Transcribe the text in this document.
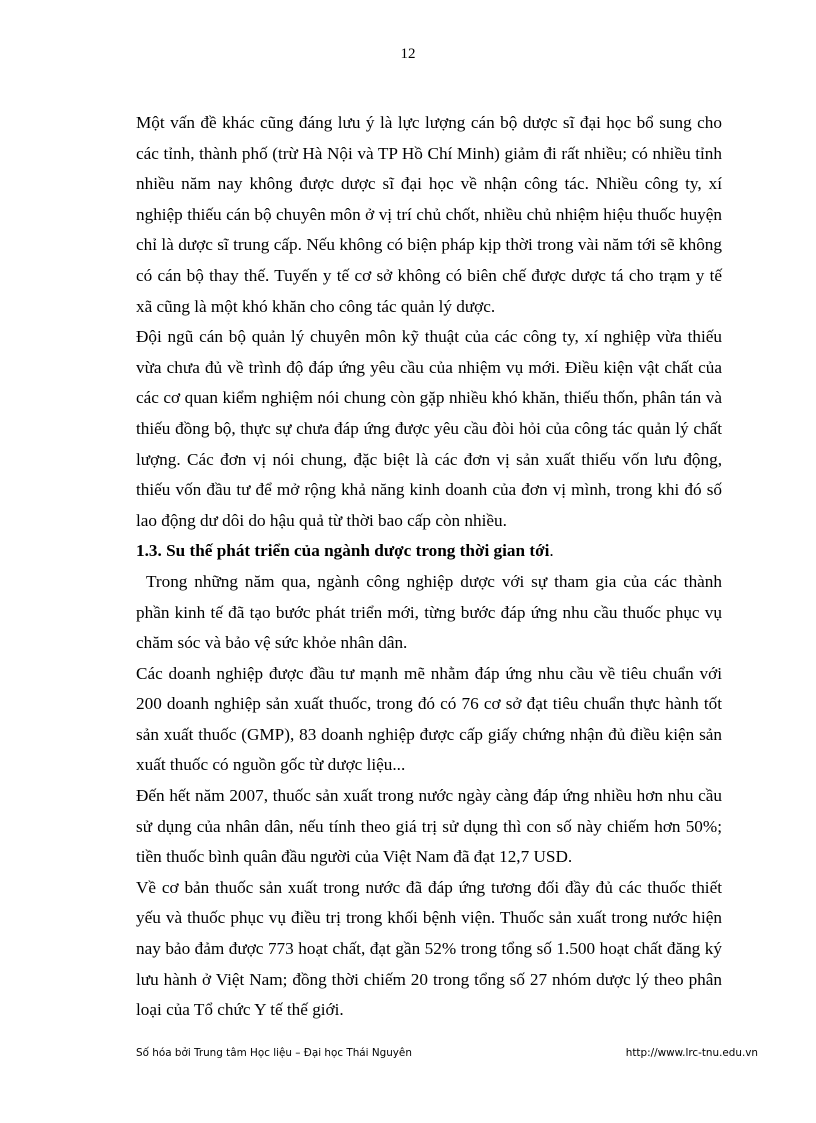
12

Một vấn đề khác cũng đáng lưu ý là lực lượng cán bộ dược sĩ đại học bổ sung cho các tỉnh, thành phố (trừ Hà Nội và TP Hồ Chí Minh) giảm đi rất nhiều; có nhiều tỉnh nhiều năm nay không được dược sĩ đại học về nhận công tác. Nhiều công ty, xí nghiệp thiếu cán bộ chuyên môn ở vị trí chủ chốt, nhiều chủ nhiệm hiệu thuốc huyện chỉ là dược sĩ trung cấp. Nếu không có biện pháp kịp thời trong vài năm tới sẽ không có cán bộ thay thế. Tuyến y tế cơ sở không có biên chế được dược tá cho trạm y tế xã cũng là một khó khăn cho công tác quản lý dược.

Đội ngũ cán bộ quản lý chuyên môn kỹ thuật của các công ty, xí nghiệp vừa thiếu vừa chưa đủ về trình độ đáp ứng yêu cầu của nhiệm vụ mới. Điều kiện vật chất của các cơ quan kiểm nghiệm nói chung còn gặp nhiều khó khăn, thiếu thốn, phân tán và thiếu đồng bộ, thực sự chưa đáp ứng được yêu cầu đòi hỏi của công tác quản lý chất lượng. Các đơn vị nói chung, đặc biệt là các đơn vị sản xuất thiếu vốn lưu động, thiếu vốn đầu tư để mở rộng khả năng kinh doanh của đơn vị mình, trong khi đó số lao động dư dôi do hậu quả từ thời bao cấp còn nhiều.

1.3. Su thế phát triển của ngành dược trong thời gian tới.

Trong những năm qua, ngành công nghiệp dược với sự tham gia của các thành phần kinh tế đã tạo bước phát triển mới, từng bước đáp ứng nhu cầu thuốc phục vụ chăm sóc và bảo vệ sức khỏe nhân dân.

Các doanh nghiệp được đầu tư mạnh mẽ nhằm đáp ứng nhu cầu về tiêu chuẩn với 200 doanh nghiệp sản xuất thuốc, trong đó có 76 cơ sở đạt tiêu chuẩn thực hành tốt sản xuất thuốc (GMP), 83 doanh nghiệp được cấp giấy chứng nhận đủ điều kiện sản xuất thuốc có nguồn gốc từ dược liệu...

Đến hết năm 2007, thuốc sản xuất trong nước ngày càng đáp ứng nhiều hơn nhu cầu sử dụng của nhân dân, nếu tính theo giá trị sử dụng thì con số này chiếm hơn 50%; tiền thuốc bình quân đầu người của Việt Nam đã đạt 12,7 USD.

Về cơ bản thuốc sản xuất trong nước đã đáp ứng tương đối đầy đủ các thuốc thiết yếu và thuốc phục vụ điều trị trong khối bệnh viện. Thuốc sản xuất trong nước hiện nay bảo đảm được 773 hoạt chất, đạt gần 52% trong tổng số 1.500 hoạt chất đăng ký lưu hành ở Việt Nam; đồng thời chiếm 20 trong tổng số 27 nhóm dược lý theo phân loại của Tổ chức Y tế thế giới.

Số hóa bởi Trung tâm Học liệu – Đại học Thái Nguyên	http://www.lrc-tnu.edu.vn
